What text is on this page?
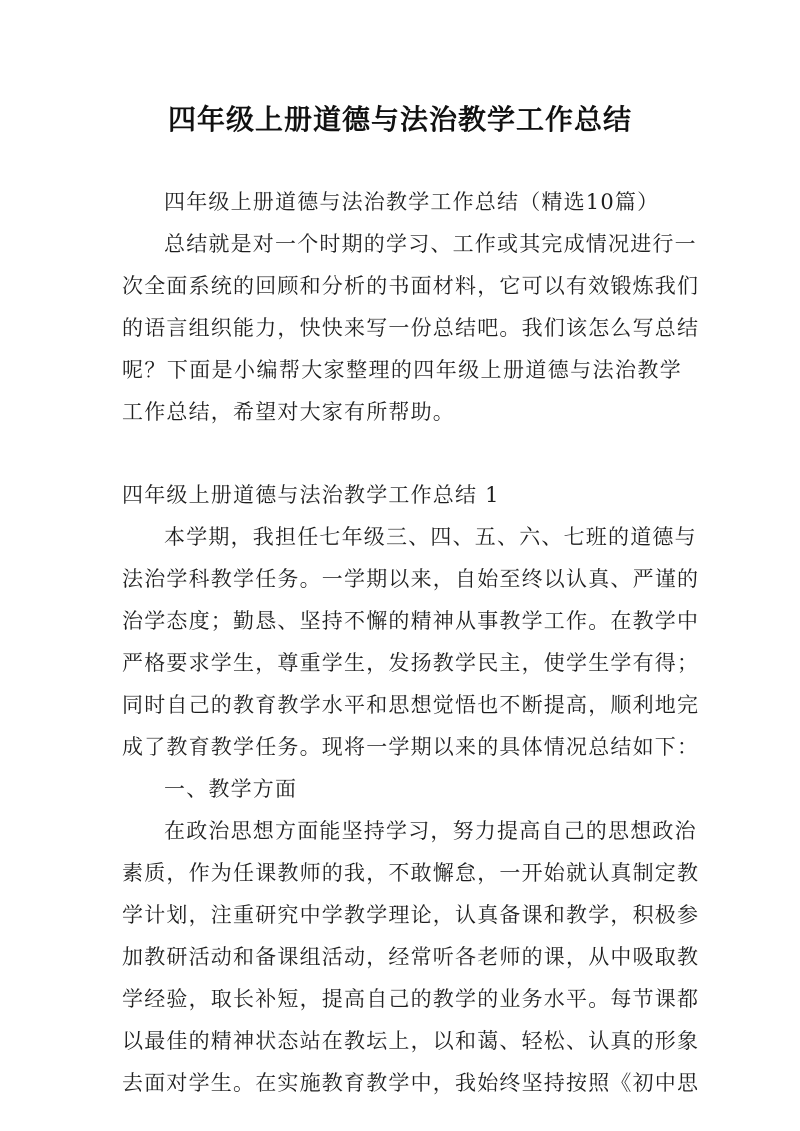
四年级上册道德与法治教学工作总结
四年级上册道德与法治教学工作总结（精选10篇）
总结就是对一个时期的学习、工作或其完成情况进行一
次全面系统的回顾和分析的书面材料，它可以有效锻炼我们
的语言组织能力，快快来写一份总结吧。我们该怎么写总结
呢？下面是小编帮大家整理的四年级上册道德与法治教学
工作总结，希望对大家有所帮助。
四年级上册道德与法治教学工作总结 1
本学期，我担任七年级三、四、五、六、七班的道德与
法治学科教学任务。一学期以来，自始至终以认真、严谨的
治学态度；勤恳、坚持不懈的精神从事教学工作。在教学中
严格要求学生，尊重学生，发扬教学民主，使学生学有得；
同时自己的教育教学水平和思想觉悟也不断提高，顺利地完
成了教育教学任务。现将一学期以来的具体情况总结如下：
一、教学方面
在政治思想方面能坚持学习，努力提高自己的思想政治
素质，作为任课教师的我，不敢懈怠，一开始就认真制定教
学计划，注重研究中学教学理论，认真备课和教学，积极参
加教研活动和备课组活动，经常听各老师的课，从中吸取教
学经验，取长补短，提高自己的教学的业务水平。每节课都
以最佳的精神状态站在教坛上，以和蔼、轻松、认真的形象
去面对学生。在实施教育教学中，我始终坚持按照《初中思
